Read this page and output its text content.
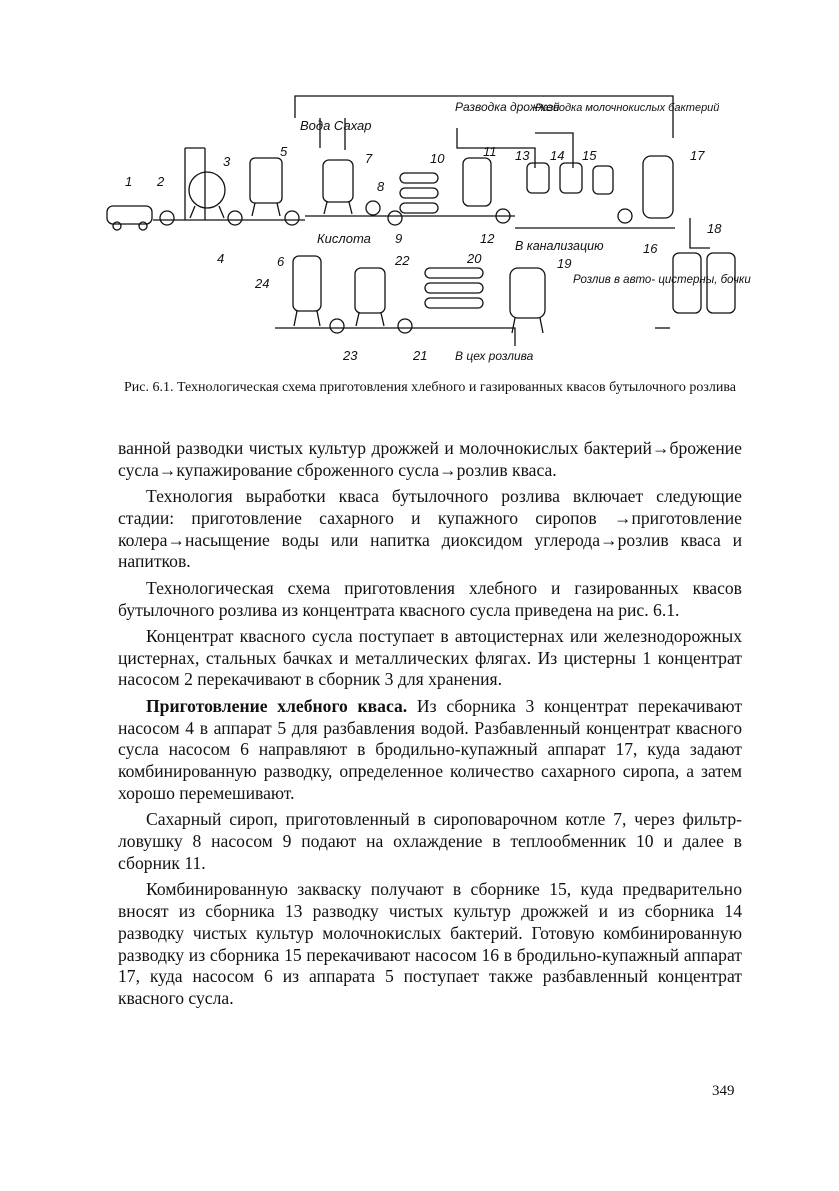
Вода Сахар
Разводка дрожжей
Разводка молочнокислых бактерий
Кислота	В канализацию
Розлив в авто- цистерны, бочки
В цех розлива
1 2
3
4
5
6
7
8
9
10	11
12
13 14 15
16
17
18
19
20
21
22
23
24
Рис. 6.1. Технологическая схема приготовления хлебного и газированных квасов бутылочного розлива

ванной разводки чистых культур дрожжей и молочнокислых бактерий→брожение сусла→купажирование сброженного сусла→розлив кваса.

Технология выработки кваса бутылочного розлива включает следующие стадии: приготовление сахарного и купажного сиропов →приготовление колера→насыщение воды или напитка диоксидом углерода→розлив кваса и напитков.

Технологическая схема приготовления хлебного и газированных квасов бутылочного розлива из концентрата квасного сусла приведена на рис. 6.1.

Концентрат квасного сусла поступает в автоцистернах или железнодорожных цистернах, стальных бачках и металлических флягах. Из цистерны 1 концентрат насосом 2 перекачивают в сборник 3 для хранения.

Приготовление хлебного кваса. Из сборника 3 концентрат перекачивают насосом 4 в аппарат 5 для разбавления водой. Разбавленный концентрат квасного сусла насосом 6 направляют в бродильно-купажный аппарат 17, куда задают комбинированную разводку, определенное количество сахарного сиропа, а затем хорошо перемешивают.

Сахарный сироп, приготовленный в сироповарочном котле 7, через фильтр-ловушку 8 насосом 9 подают на охлаждение в теплообменник 10 и далее в сборник 11.

Комбинированную закваску получают в сборнике 15, куда предварительно вносят из сборника 13 разводку чистых культур дрожжей и из сборника 14 разводку чистых культур молочнокислых бактерий. Готовую комбинированную разводку из сборника 15 перекачивают насосом 16 в бродильно-купажный аппарат 17, куда насосом 6 из аппарата 5 поступает также разбавленный концентрат квасного сусла.

349
